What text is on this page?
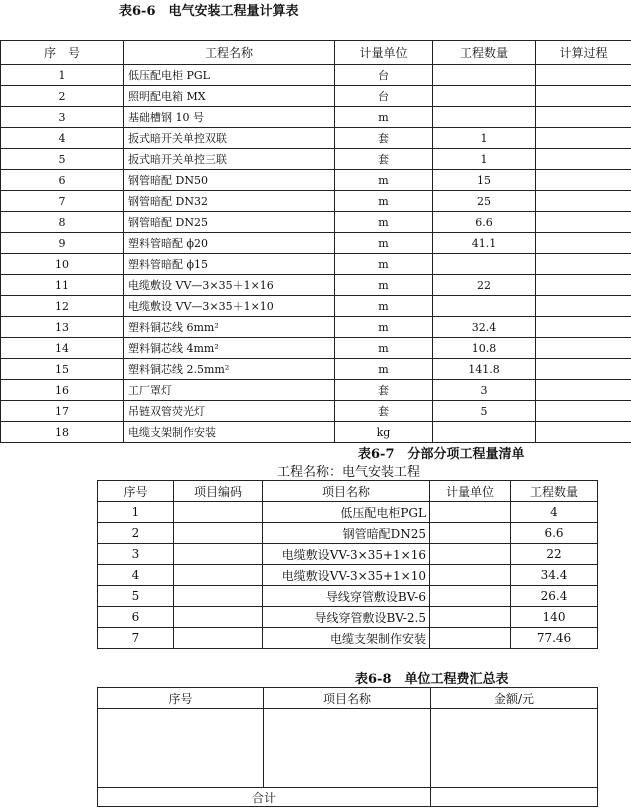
表6-6　电气安装工程量计算表
序　号	工程名称	计量单位	工程数量	计算过程
1	低压配电柜 PGL	台		
2	照明配电箱 MX	台		
3	基础槽钢 10 号	m		
4	扳式暗开关单控双联	套	1	
5	扳式暗开关单控三联	套	1	
6	钢管暗配 DN50	m	15	
7	钢管暗配 DN32	m	25	
8	钢管暗配 DN25	m	6.6	
9	塑料管暗配 ϕ20	m	41.1	
10	塑料管暗配 ϕ15	m		
11	电缆敷设 VV—3×35＋1×16	m	22	
12	电缆敷设 VV—3×35＋1×10	m		
13	塑料铜芯线 6mm²	m	32.4	
14	塑料铜芯线 4mm²	m	10.8	
15	塑料铜芯线 2.5mm²	m	141.8	
16	工厂罩灯	套	3	
17	吊链双管荧光灯	套	5	
18	电缆支架制作安装	kg		
表6-7　分部分项工程量清单
工程名称：电气安装工程
序号	项目编码	项目名称	计量单位	工程数量
1		低压配电柜PGL		4
2		钢管暗配DN25		6.6
3		电缆敷设VV-3×35+1×16		22
4		电缆敷设VV-3×35+1×10		34.4
5		导线穿管敷设BV-6		26.4
6		导线穿管敷设BV-2.5		140
7		电缆支架制作安装		77.46
表6-8　单位工程费汇总表
序号	项目名称	金额/元

合计		
